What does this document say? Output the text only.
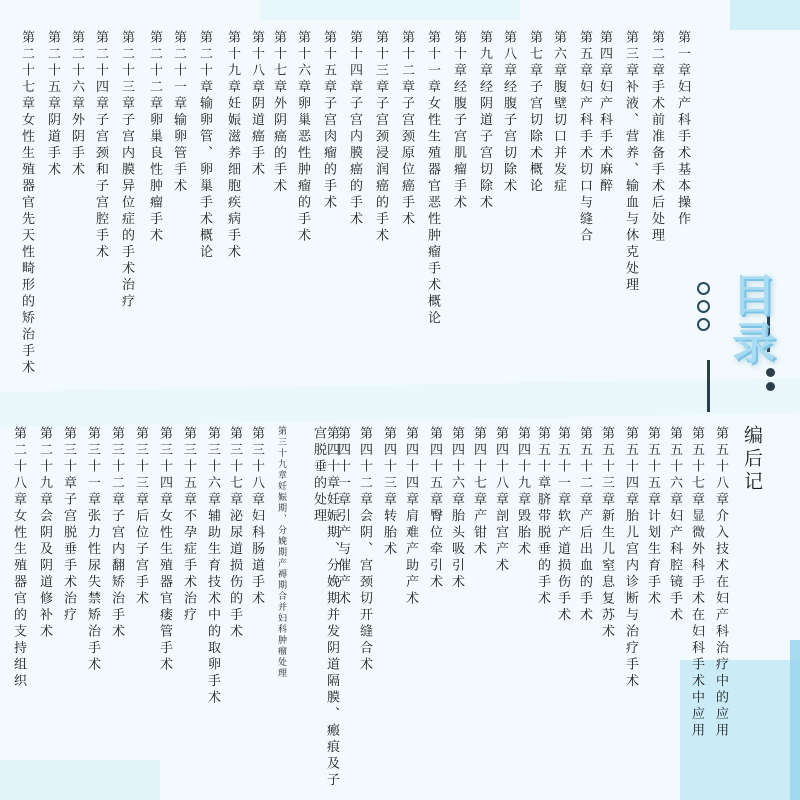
第一章妇产科手术基本操作
第二章手术前准备手术后处理
第三章补液、营养、输血与休克处理
第四章妇产科手术麻醉
第五章妇产科手术切口与缝合
第六章腹壁切口并发症
第七章子宫切除术概论
第八章经腹子宫切除术
第九章经阴道子宫切除术
第十章经腹子宫肌瘤手术
第十一章女性生殖器官恶性肿瘤手术概论
第十二章子宫颈原位癌手术
第十三章子宫颈浸润癌的手术
第十四章子宫内膜癌的手术
第十五章子宫肉瘤的手术
第十六章卵巢恶性肿瘤的手术
第十七章外阴癌的手术
第十八章阴道癌手术
第十九章妊娠滋养细胞疾病手术
第二十章输卵管、卵巢手术概论
第二十一章输卵管手术
第二十二章卵巢良性肿瘤手术
第二十三章子宫内膜异位症的手术治疗
第二十四章子宫颈和子宫腔手术
第二十五章阴道手术 第二十六章外阴手术
第二十七章女性生殖器官先天性畸形的矫治手术	目录
编后记
第五十八章介入技术在妇产科治疗中的应用
第五十七章显微外科手术在妇科手术中应用
第五十六章妇产科腔镜手术
第五十五章计划生育手术
第五十四章胎儿宫内诊断与治疗手术
第五十三章新生儿窒息复苏术
第五十二章产后出血的手术
第五十一章软产道损伤手术
第五十章脐带脱垂的手术
第四十九章毁胎术
第四十八章剖宫产术
第四十七章产钳术
第四十六章胎头吸引术
第四十五章臀位牵引术
第四十四章肩难产助产术
第四十三章转胎术
第四十二章会阴、宫颈切开缝合术
第四十一章引产与催产术
第四十章妊娠期、分娩期并发阴道隔膜、瘢痕及子宫脱垂的处理
第三十九章妊娠期、分娩期产褥期合并妇科肿瘤处理
第三十八章妇科肠道手术
第三十七章泌尿道损伤的手术
第三十六章辅助生育技术中的取卵手术
第三十五章不孕症手术治疗
第三十四章女性生殖器官瘘管手术
第三十三章后位子宫手术
第三十二章子宫内翻矫治手术
第三十一章张力性尿失禁矫治手术
第三十章子宫脱垂手术治疗
第二十九章会阴及阴道修补术
第二十八章女性生殖器官的支持组织
